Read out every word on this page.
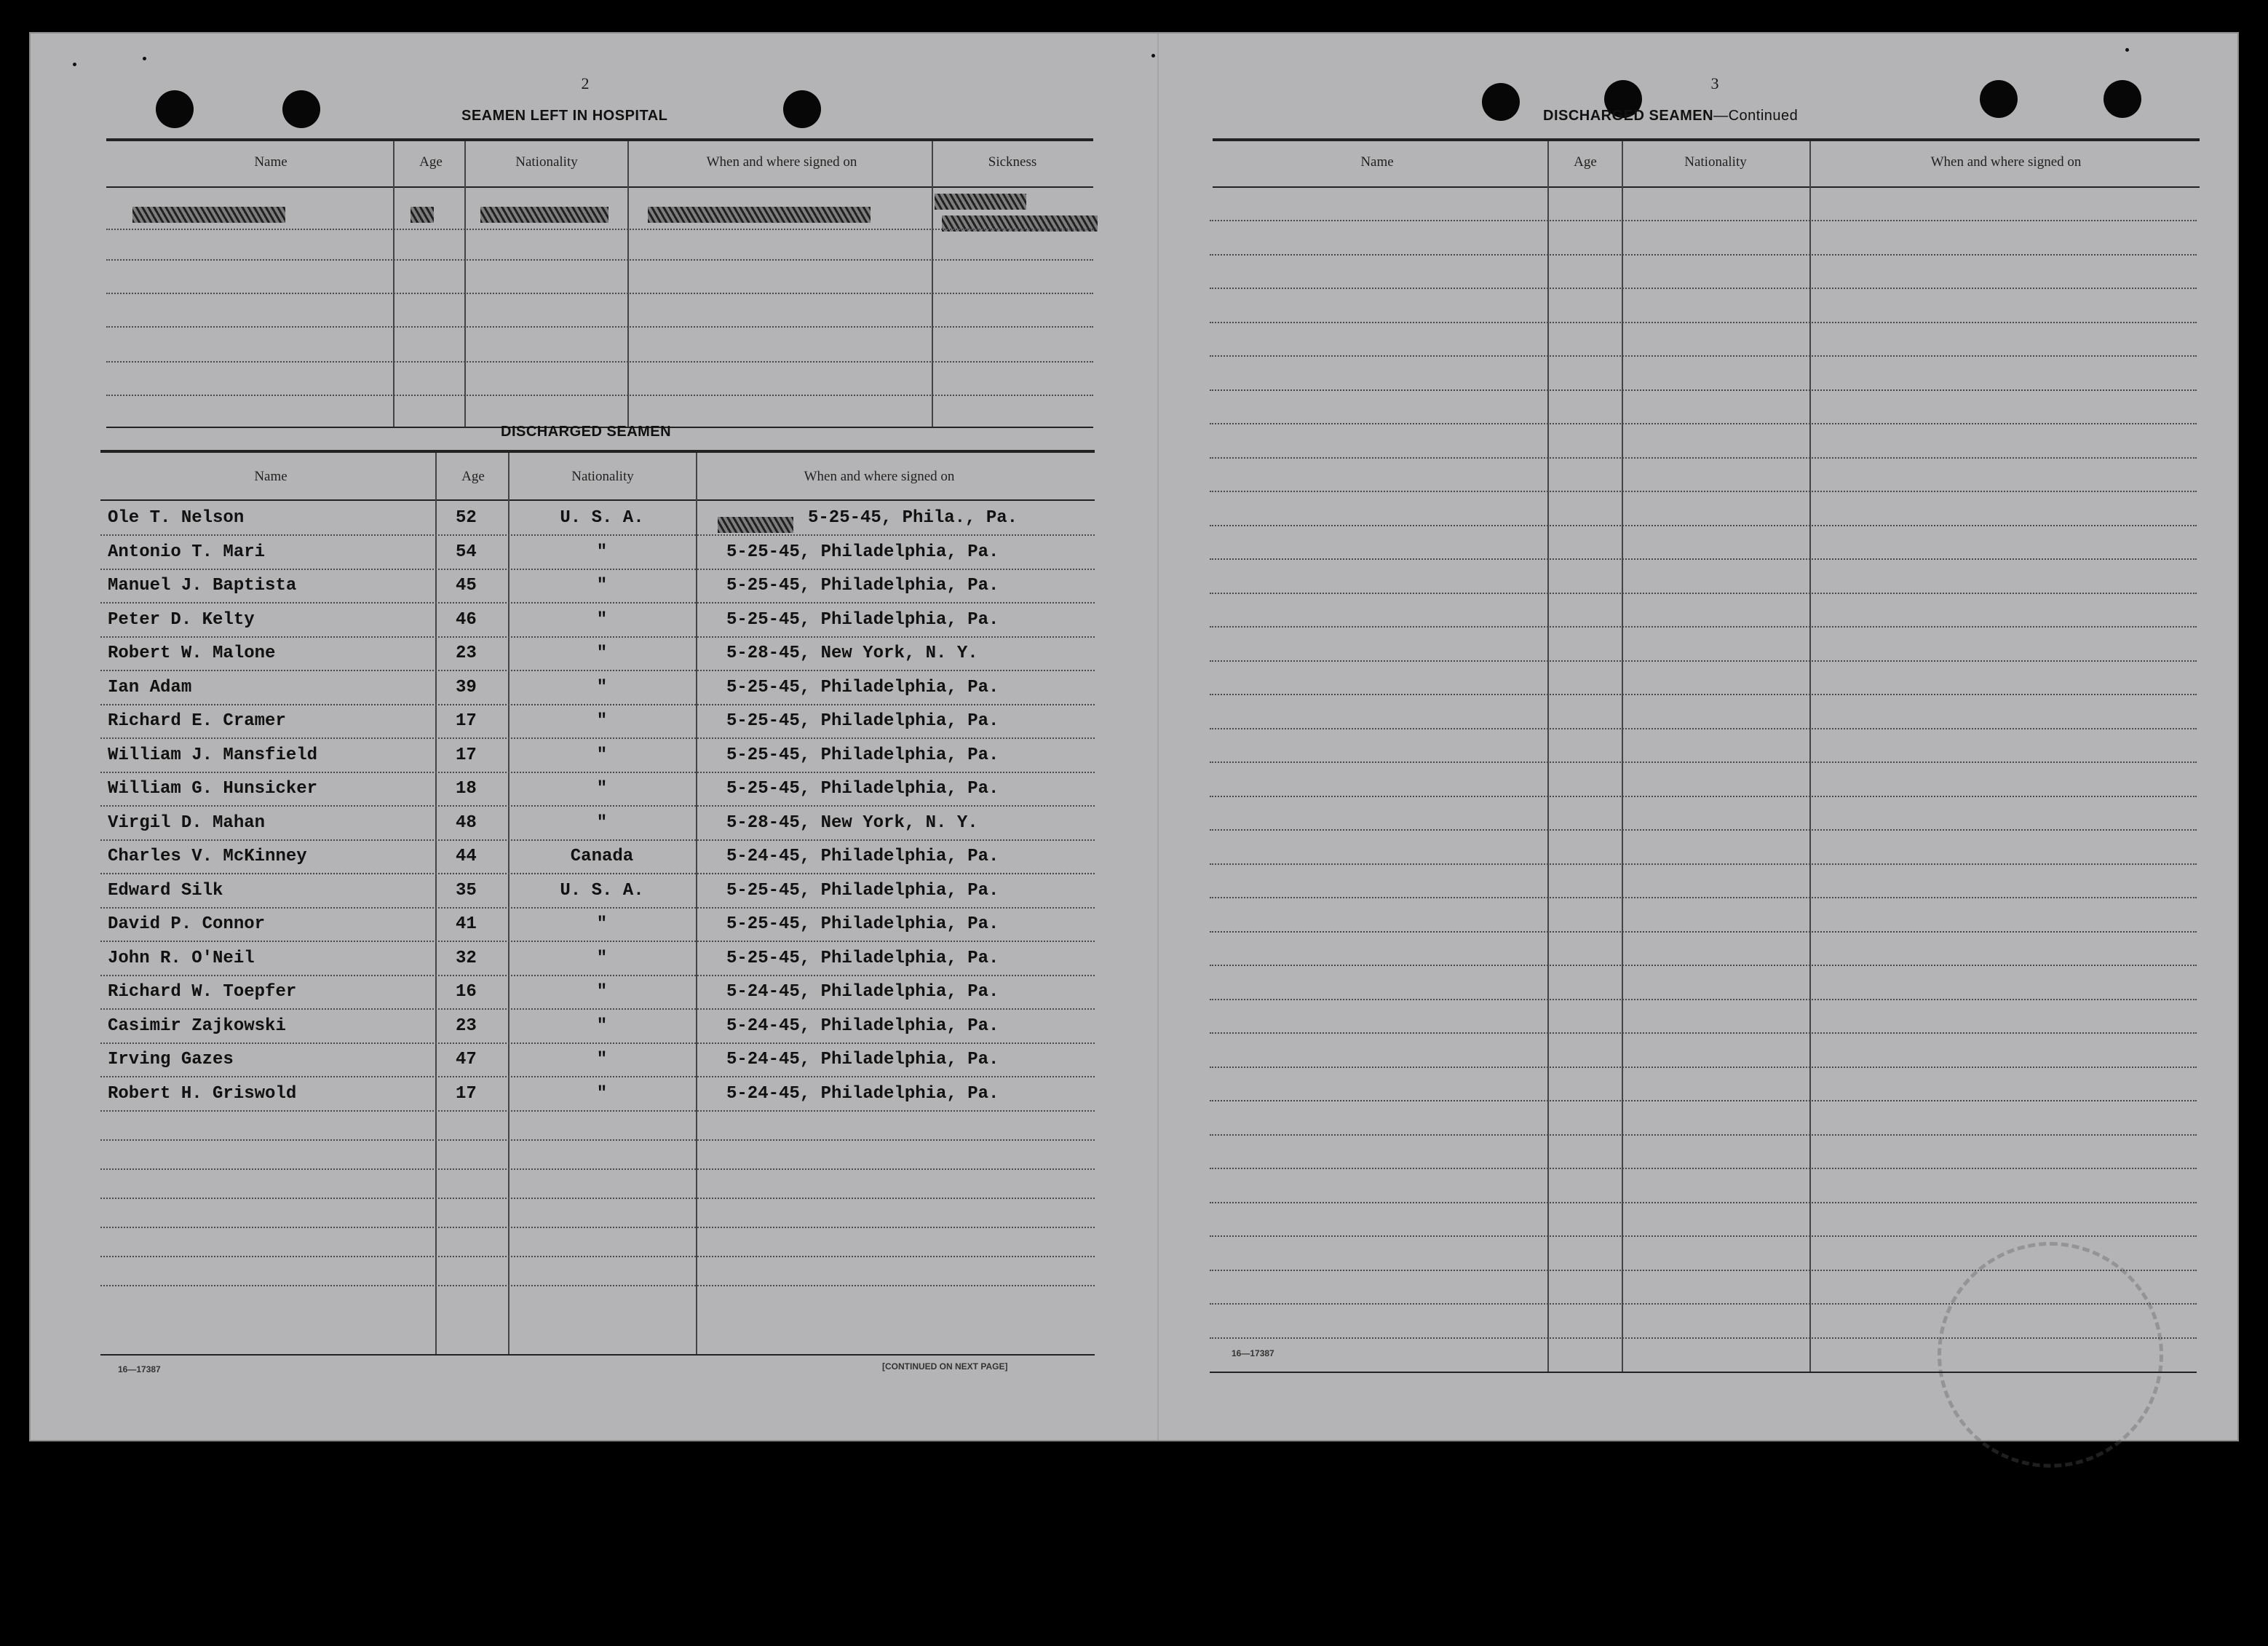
2
SEAMEN LEFT IN HOSPITAL
Name	Age	Nationality	When and where signed on	Sickness
DISCHARGED SEAMEN
Name	Age	Nationality	When and where signed on
Ole T. Nelson	52	U. S. A.	5-25-45, Phila., Pa.
Antonio T. Mari	54	"	5-25-45, Philadelphia, Pa.
Manuel J. Baptista	45	"	5-25-45, Philadelphia, Pa.
Peter D. Kelty	46	"	5-25-45, Philadelphia, Pa.
Robert W. Malone	23	"	5-28-45, New York, N. Y.
Ian Adam	39	"	5-25-45, Philadelphia, Pa.
Richard E. Cramer	17	"	5-25-45, Philadelphia, Pa.
William J. Mansfield	17	"	5-25-45, Philadelphia, Pa.
William G. Hunsicker	18	"	5-25-45, Philadelphia, Pa.
Virgil D. Mahan	48	"	5-28-45, New York, N. Y.
Charles V. McKinney	44	Canada	5-24-45, Philadelphia, Pa.
Edward Silk	35	U. S. A.	5-25-45, Philadelphia, Pa.
David P. Connor	41	"	5-25-45, Philadelphia, Pa.
John R. O'Neil	32	"	5-25-45, Philadelphia, Pa.
Richard W. Toepfer	16	"	5-24-45, Philadelphia, Pa.
Casimir Zajkowski	23	"	5-24-45, Philadelphia, Pa.
Irving Gazes	47	"	5-24-45, Philadelphia, Pa.
Robert H. Griswold	17	"	5-24-45, Philadelphia, Pa.
16—17387	[CONTINUED ON NEXT PAGE]
3
DISCHARGED SEAMEN—Continued
Name	Age	Nationality	When and where signed on
16—17387
